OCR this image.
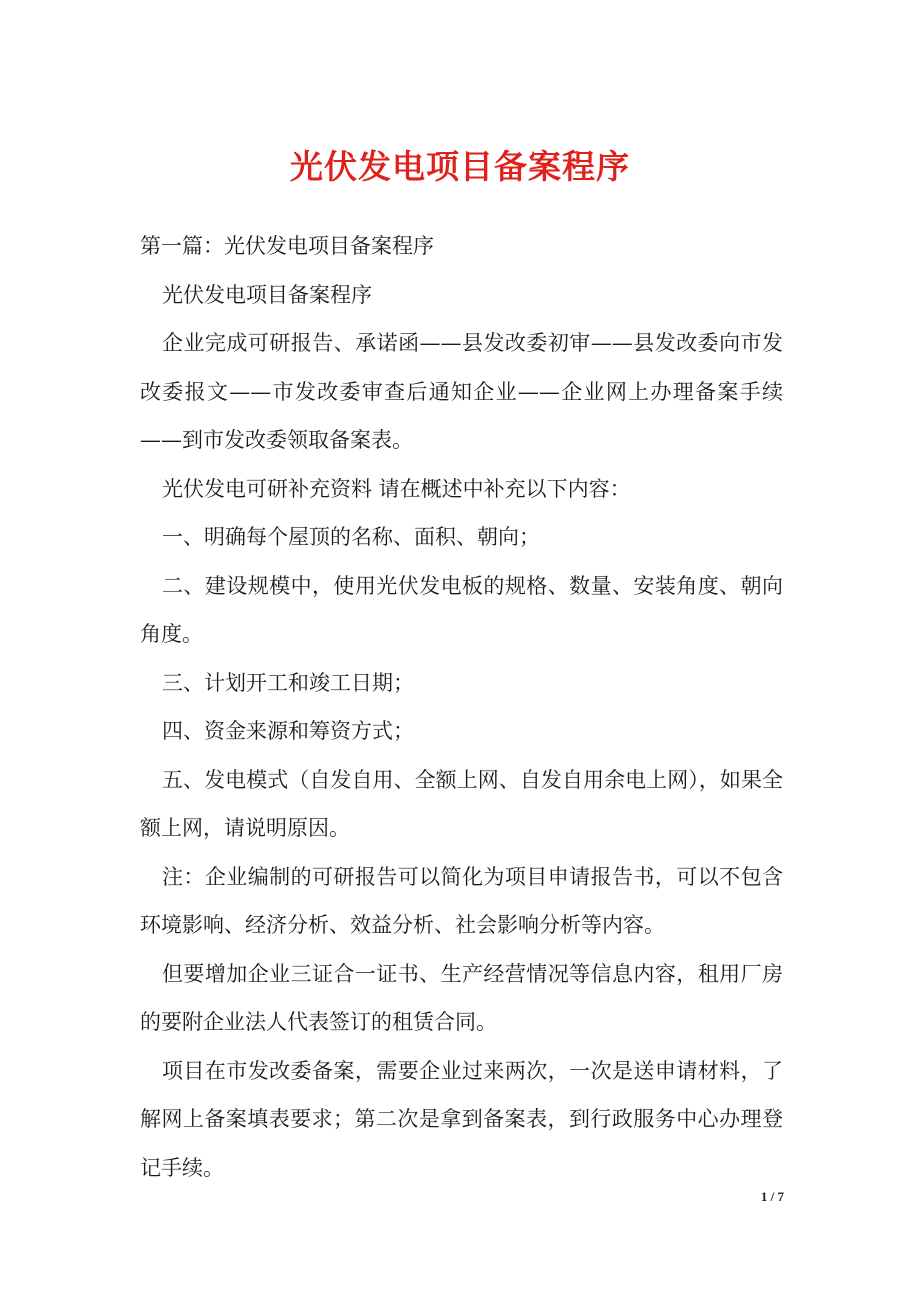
光伏发电项目备案程序

第一篇：光伏发电项目备案程序

光伏发电项目备案程序

企业完成可研报告、承诺函——县发改委初审——县发改委向市发改委报文——市发改委审查后通知企业——企业网上办理备案手续——到市发改委领取备案表。

光伏发电可研补充资料 请在概述中补充以下内容：

一、明确每个屋顶的名称、面积、朝向；

二、建设规模中，使用光伏发电板的规格、数量、安装角度、朝向角度。

三、计划开工和竣工日期；

四、资金来源和筹资方式；

五、发电模式（自发自用、全额上网、自发自用余电上网），如果全额上网，请说明原因。

注：企业编制的可研报告可以简化为项目申请报告书，可以不包含环境影响、经济分析、效益分析、社会影响分析等内容。

但要增加企业三证合一证书、生产经营情况等信息内容，租用厂房的要附企业法人代表签订的租赁合同。

项目在市发改委备案，需要企业过来两次，一次是送申请材料，了解网上备案填表要求；第二次是拿到备案表，到行政服务中心办理登记手续。

1 / 7
